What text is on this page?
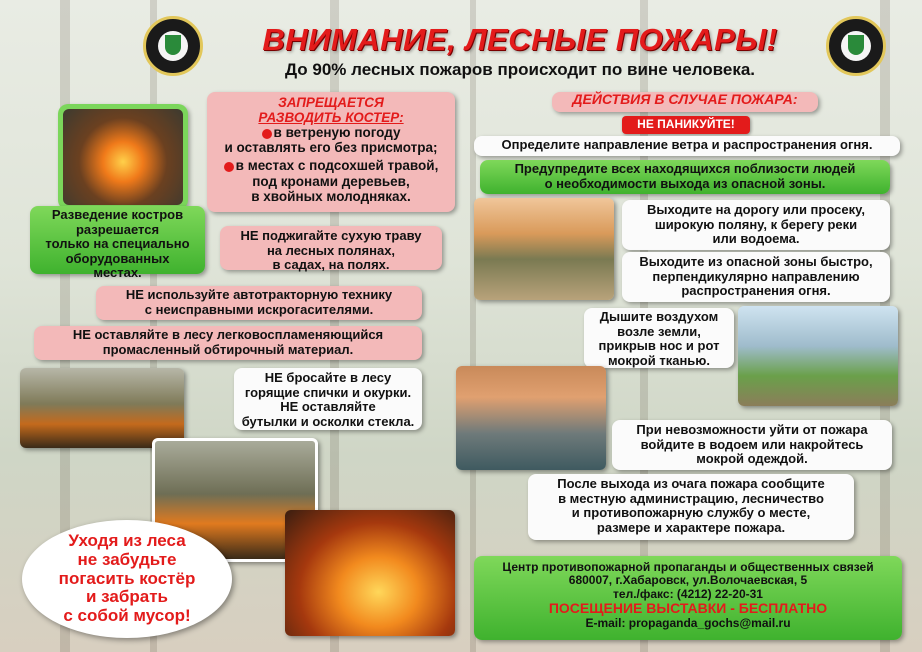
ВНИМАНИЕ, ЛЕСНЫЕ ПОЖАРЫ!
До 90% лесных пожаров происходит по вине человека.
Разведение костров
разрешается
только на специально
оборудованных
местах.
ЗАПРЕЩАЕТСЯ
РАЗВОДИТЬ КОСТЕР:
в ветреную погоду
и оставлять его без присмотра;
в местах с подсохшей травой,
под кронами деревьев,
в хвойных молодняках.
НЕ поджигайте сухую траву
на лесных полянах,
в садах, на полях.
НЕ используйте автотракторную технику
с неисправными искрогасителями.
НЕ оставляйте в лесу легковоспламеняющийся
промасленный обтирочный материал.
НЕ бросайте в лесу
горящие спички и окурки.
НЕ оставляйте
бутылки и осколки стекла.
Уходя из леса
не забудьте
погасить костёр
и забрать
с собой мусор!
ДЕЙСТВИЯ В СЛУЧАЕ ПОЖАРА:
НЕ ПАНИКУЙТЕ!
Определите направление ветра и распространения огня.
Предупредите всех находящихся поблизости людей
о необходимости выхода из опасной зоны.
Выходите на дорогу или просеку,
широкую поляну, к берегу реки
или водоема.
Выходите из опасной зоны быстро,
перпендикулярно направлению
распространения огня.
Дышите воздухом
возле земли,
прикрыв нос и рот
мокрой тканью.
При невозможности уйти от пожара
войдите в водоем или накройтесь
мокрой одеждой.
После выхода из очага пожара сообщите
в местную администрацию, лесничество
и противопожарную службу о месте,
размере и характере пожара.
Центр противопожарной пропаганды и общественных связей
680007, г.Хабаровск, ул.Волочаевская, 5
тел./факс: (4212) 22-20-31
ПОСЕЩЕНИЕ ВЫСТАВКИ - БЕСПЛАТНО
E-mail: propaganda_gochs@mail.ru
